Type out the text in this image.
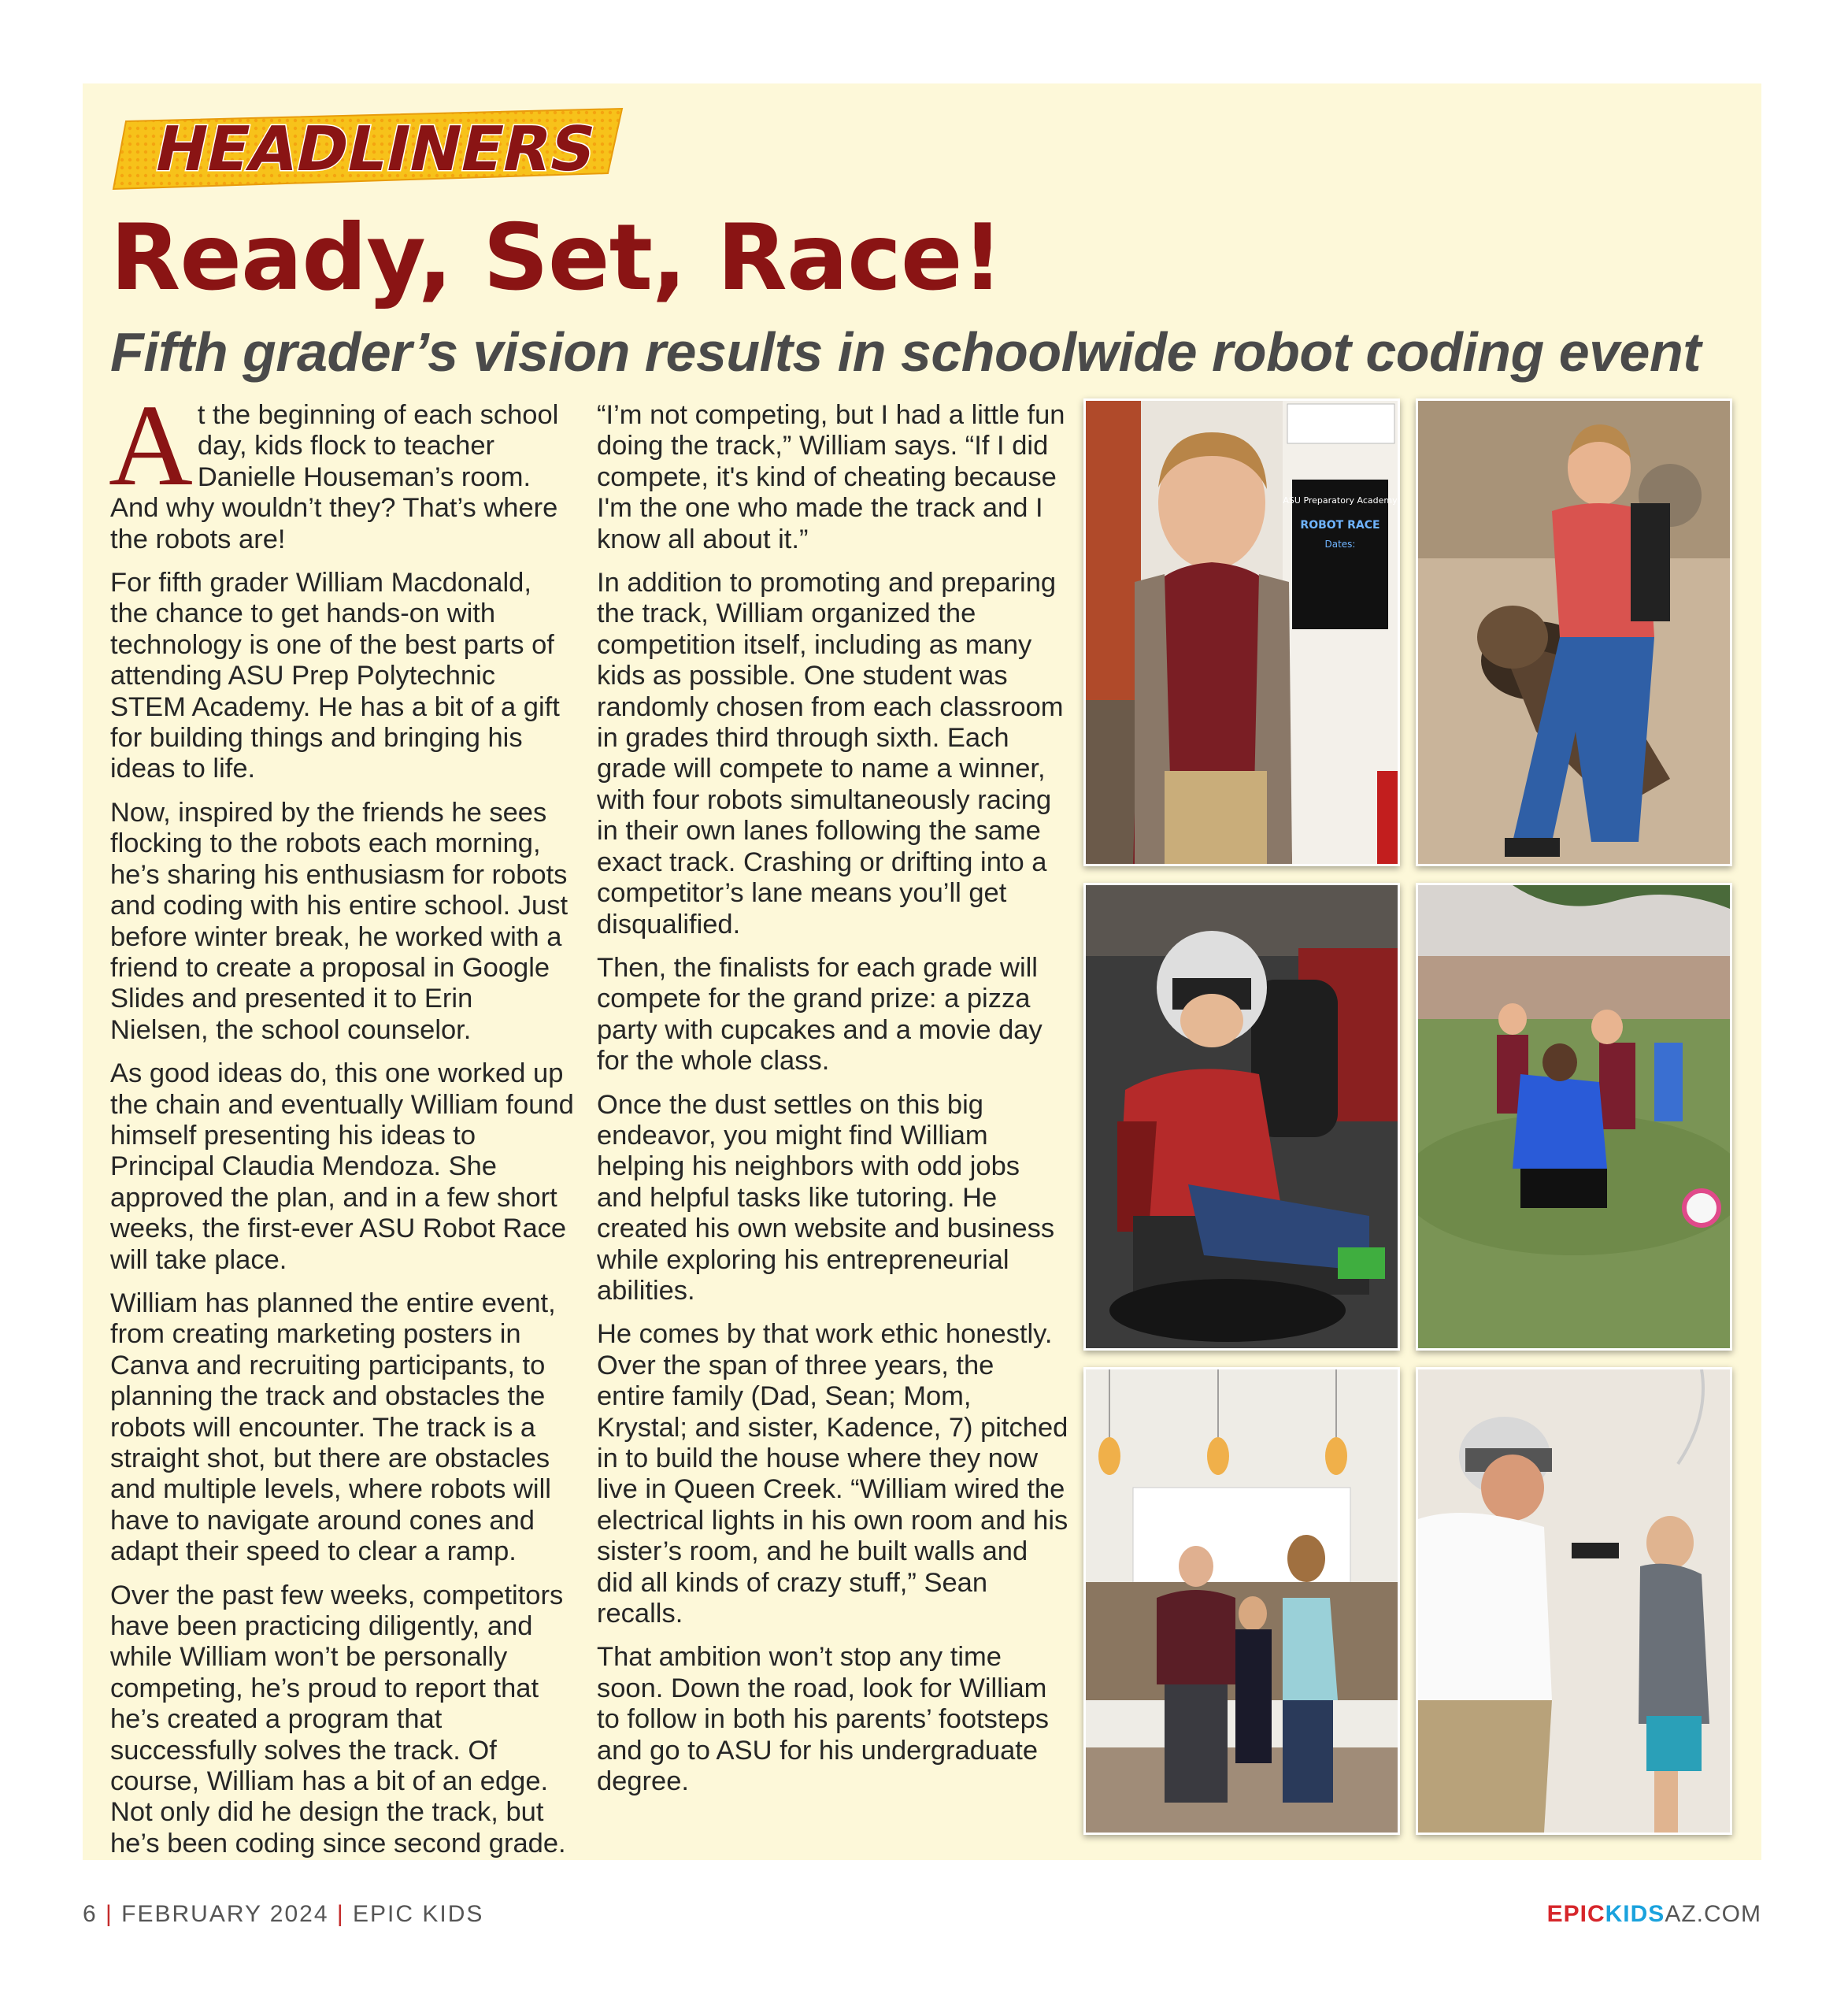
HEADLINERS
Ready, Set, Race!
Fifth grader’s vision results in schoolwide robot coding event

At the beginning of each school day, kids flock to teacher Danielle Houseman’s room. And why wouldn’t they? That’s where the robots are!

For fifth grader William Macdonald, the chance to get hands-on with technology is one of the best parts of attending ASU Prep Polytechnic STEM Academy. He has a bit of a gift for building things and bringing his ideas to life.

Now, inspired by the friends he sees flocking to the robots each morning, he’s sharing his enthusiasm for robots and coding with his entire school. Just before winter break, he worked with a friend to create a proposal in Google Slides and presented it to Erin Nielsen, the school counselor.

As good ideas do, this one worked up the chain and eventually William found himself presenting his ideas to Principal Claudia Mendoza. She approved the plan, and in a few short weeks, the first-ever ASU Robot Race will take place.

William has planned the entire event, from creating marketing posters in Canva and recruiting participants, to planning the track and obstacles the robots will encounter. The track is a straight shot, but there are obstacles and multiple levels, where robots will have to navigate around cones and adapt their speed to clear a ramp.

Over the past few weeks, competitors have been practicing diligently, and while William won’t be personally competing, he’s proud to report that he’s created a program that successfully solves the track. Of course, William has a bit of an edge. Not only did he design the track, but he’s been coding since second grade.

“I’m not competing, but I had a little fun doing the track,” William says. “If I did compete, it's kind of cheating because I'm the one who made the track and I know all about it.”

In addition to promoting and preparing the track, William organized the competition itself, including as many kids as possible. One student was randomly chosen from each classroom in grades third through sixth. Each grade will compete to name a winner, with four robots simultaneously racing in their own lanes following the same exact track. Crashing or drifting into a competitor’s lane means you’ll get disqualified.

Then, the finalists for each grade will compete for the grand prize: a pizza party with cupcakes and a movie day for the whole class.

Once the dust settles on this big endeavor, you might find William helping his neighbors with odd jobs and helpful tasks like tutoring. He created his own website and business while exploring his entrepreneurial abilities.

He comes by that work ethic honestly. Over the span of three years, the entire family (Dad, Sean; Mom, Krystal; and sister, Kadence, 7) pitched in to build the house where they now live in Queen Creek. “William wired the electrical lights in his own room and his sister’s room, and he built walls and did all kinds of crazy stuff,” Sean recalls.

That ambition won’t stop any time soon. Down the road, look for William to follow in both his parents’ footsteps and go to ASU for his undergraduate degree.

ASU Preparatory Academy
ROBOT RACE
Dates:
6 | FEBRUARY 2024 | EPIC KIDS	EPICKIDSAZ.COM
